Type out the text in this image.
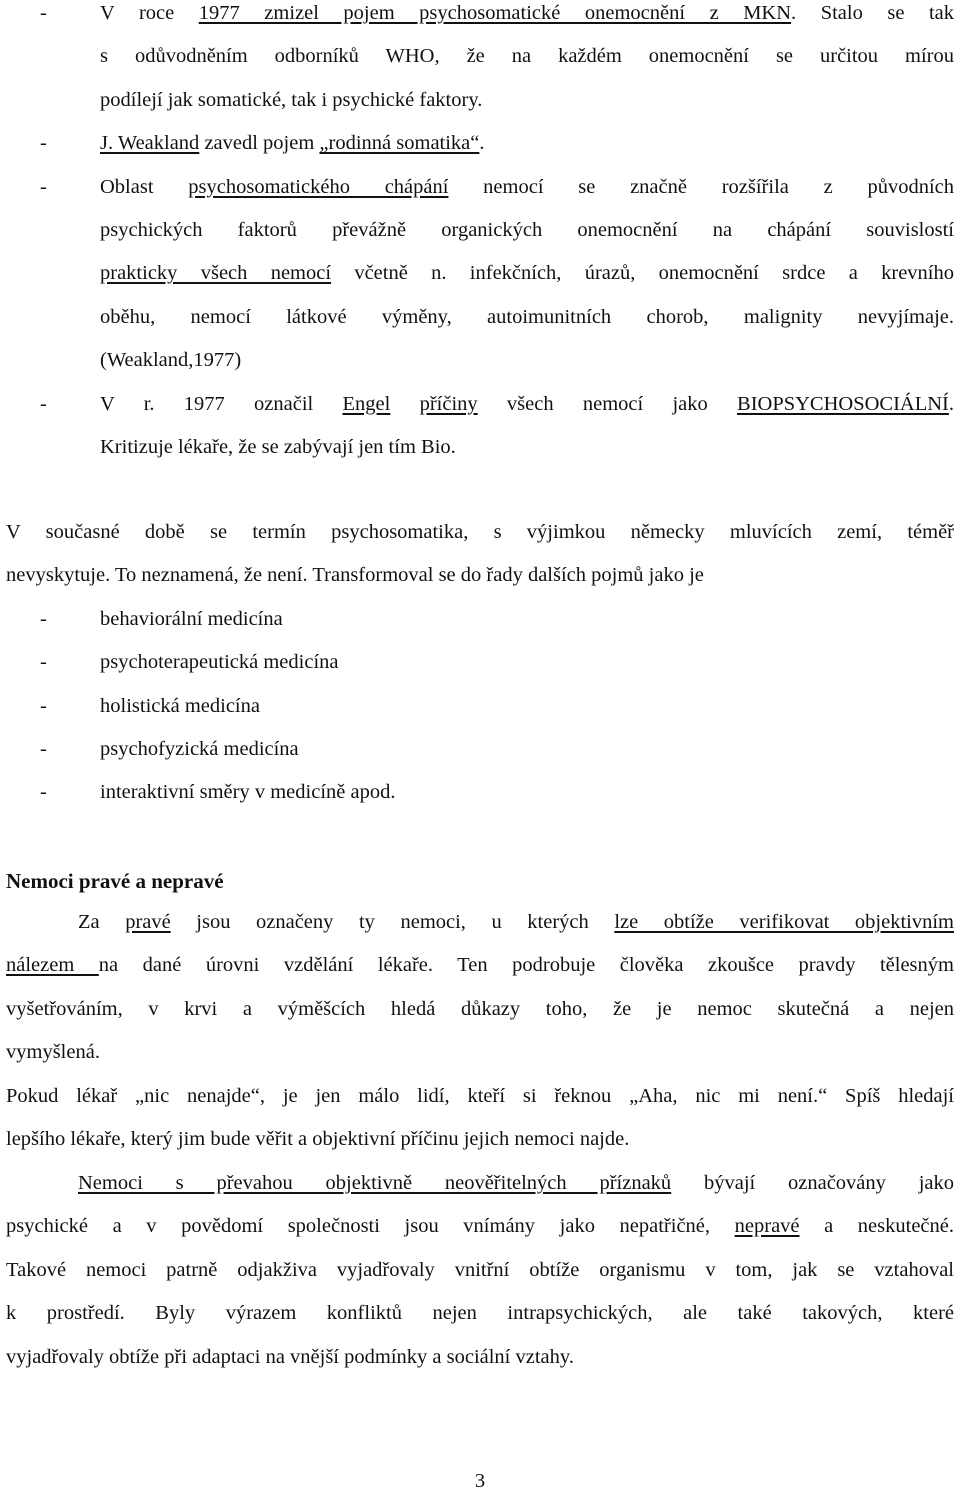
-	V roce 1977 zmizel pojem psychosomatické onemocnění z MKN. Stalo se tak
s odůvodněním odborníků WHO, že na každém onemocnění se určitou mírou
podílejí jak somatické, tak i psychické faktory.
-	J. Weakland zavedl pojem „rodinná somatika“.
-	Oblast psychosomatického chápání nemocí se značně rozšířila z původních
psychických faktorů převážně organických onemocnění na chápání souvislostí
prakticky všech nemocí včetně n. infekčních, úrazů, onemocnění srdce a krevního
oběhu, nemocí látkové výměny, autoimunitních chorob, malignity nevyjímaje.
(Weakland,1977)
-	V r. 1977 označil Engel příčiny všech nemocí jako BIOPSYCHOSOCIÁLNÍ.
Kritizuje lékaře, že se zabývají jen tím Bio.
V současné době se termín psychosomatika, s výjimkou německy mluvících zemí, téměř
nevyskytuje. To neznamená, že není. Transformoval se do řady dalších pojmů jako je
-	behaviorální medicína
-	psychoterapeutická medicína
-	holistická medicína
-	psychofyzická medicína
-	interaktivní směry v medicíně apod.
Za pravé jsou označeny ty nemoci, u kterých lze obtíže verifikovat objektivním
nálezem na dané úrovni vzdělání lékaře. Ten podrobuje člověka zkoušce pravdy tělesným
vyšetřováním, v krvi a výměšcích hledá důkazy toho, že je nemoc skutečná a nejen
vymyšlená.
Pokud lékař „nic nenajde“, je jen málo lidí, kteří si řeknou „Aha, nic mi není.“ Spíš hledají
lepšího lékaře, který jim bude věřit a objektivní příčinu jejich nemoci najde.
Nemoci s převahou objektivně neověřitelných příznaků bývají označovány jako
psychické a v povědomí společnosti jsou vnímány jako nepatřičné, nepravé a neskutečné.
Takové nemoci patrně odjakživa vyjadřovaly vnitřní obtíže organismu v tom, jak se vztahoval
k prostředí. Byly výrazem konfliktů nejen intrapsychických, ale také takových, které
vyjadřovaly obtíže při adaptaci na vnější podmínky a sociální vztahy.
Nemoci pravé a nepravé
3
